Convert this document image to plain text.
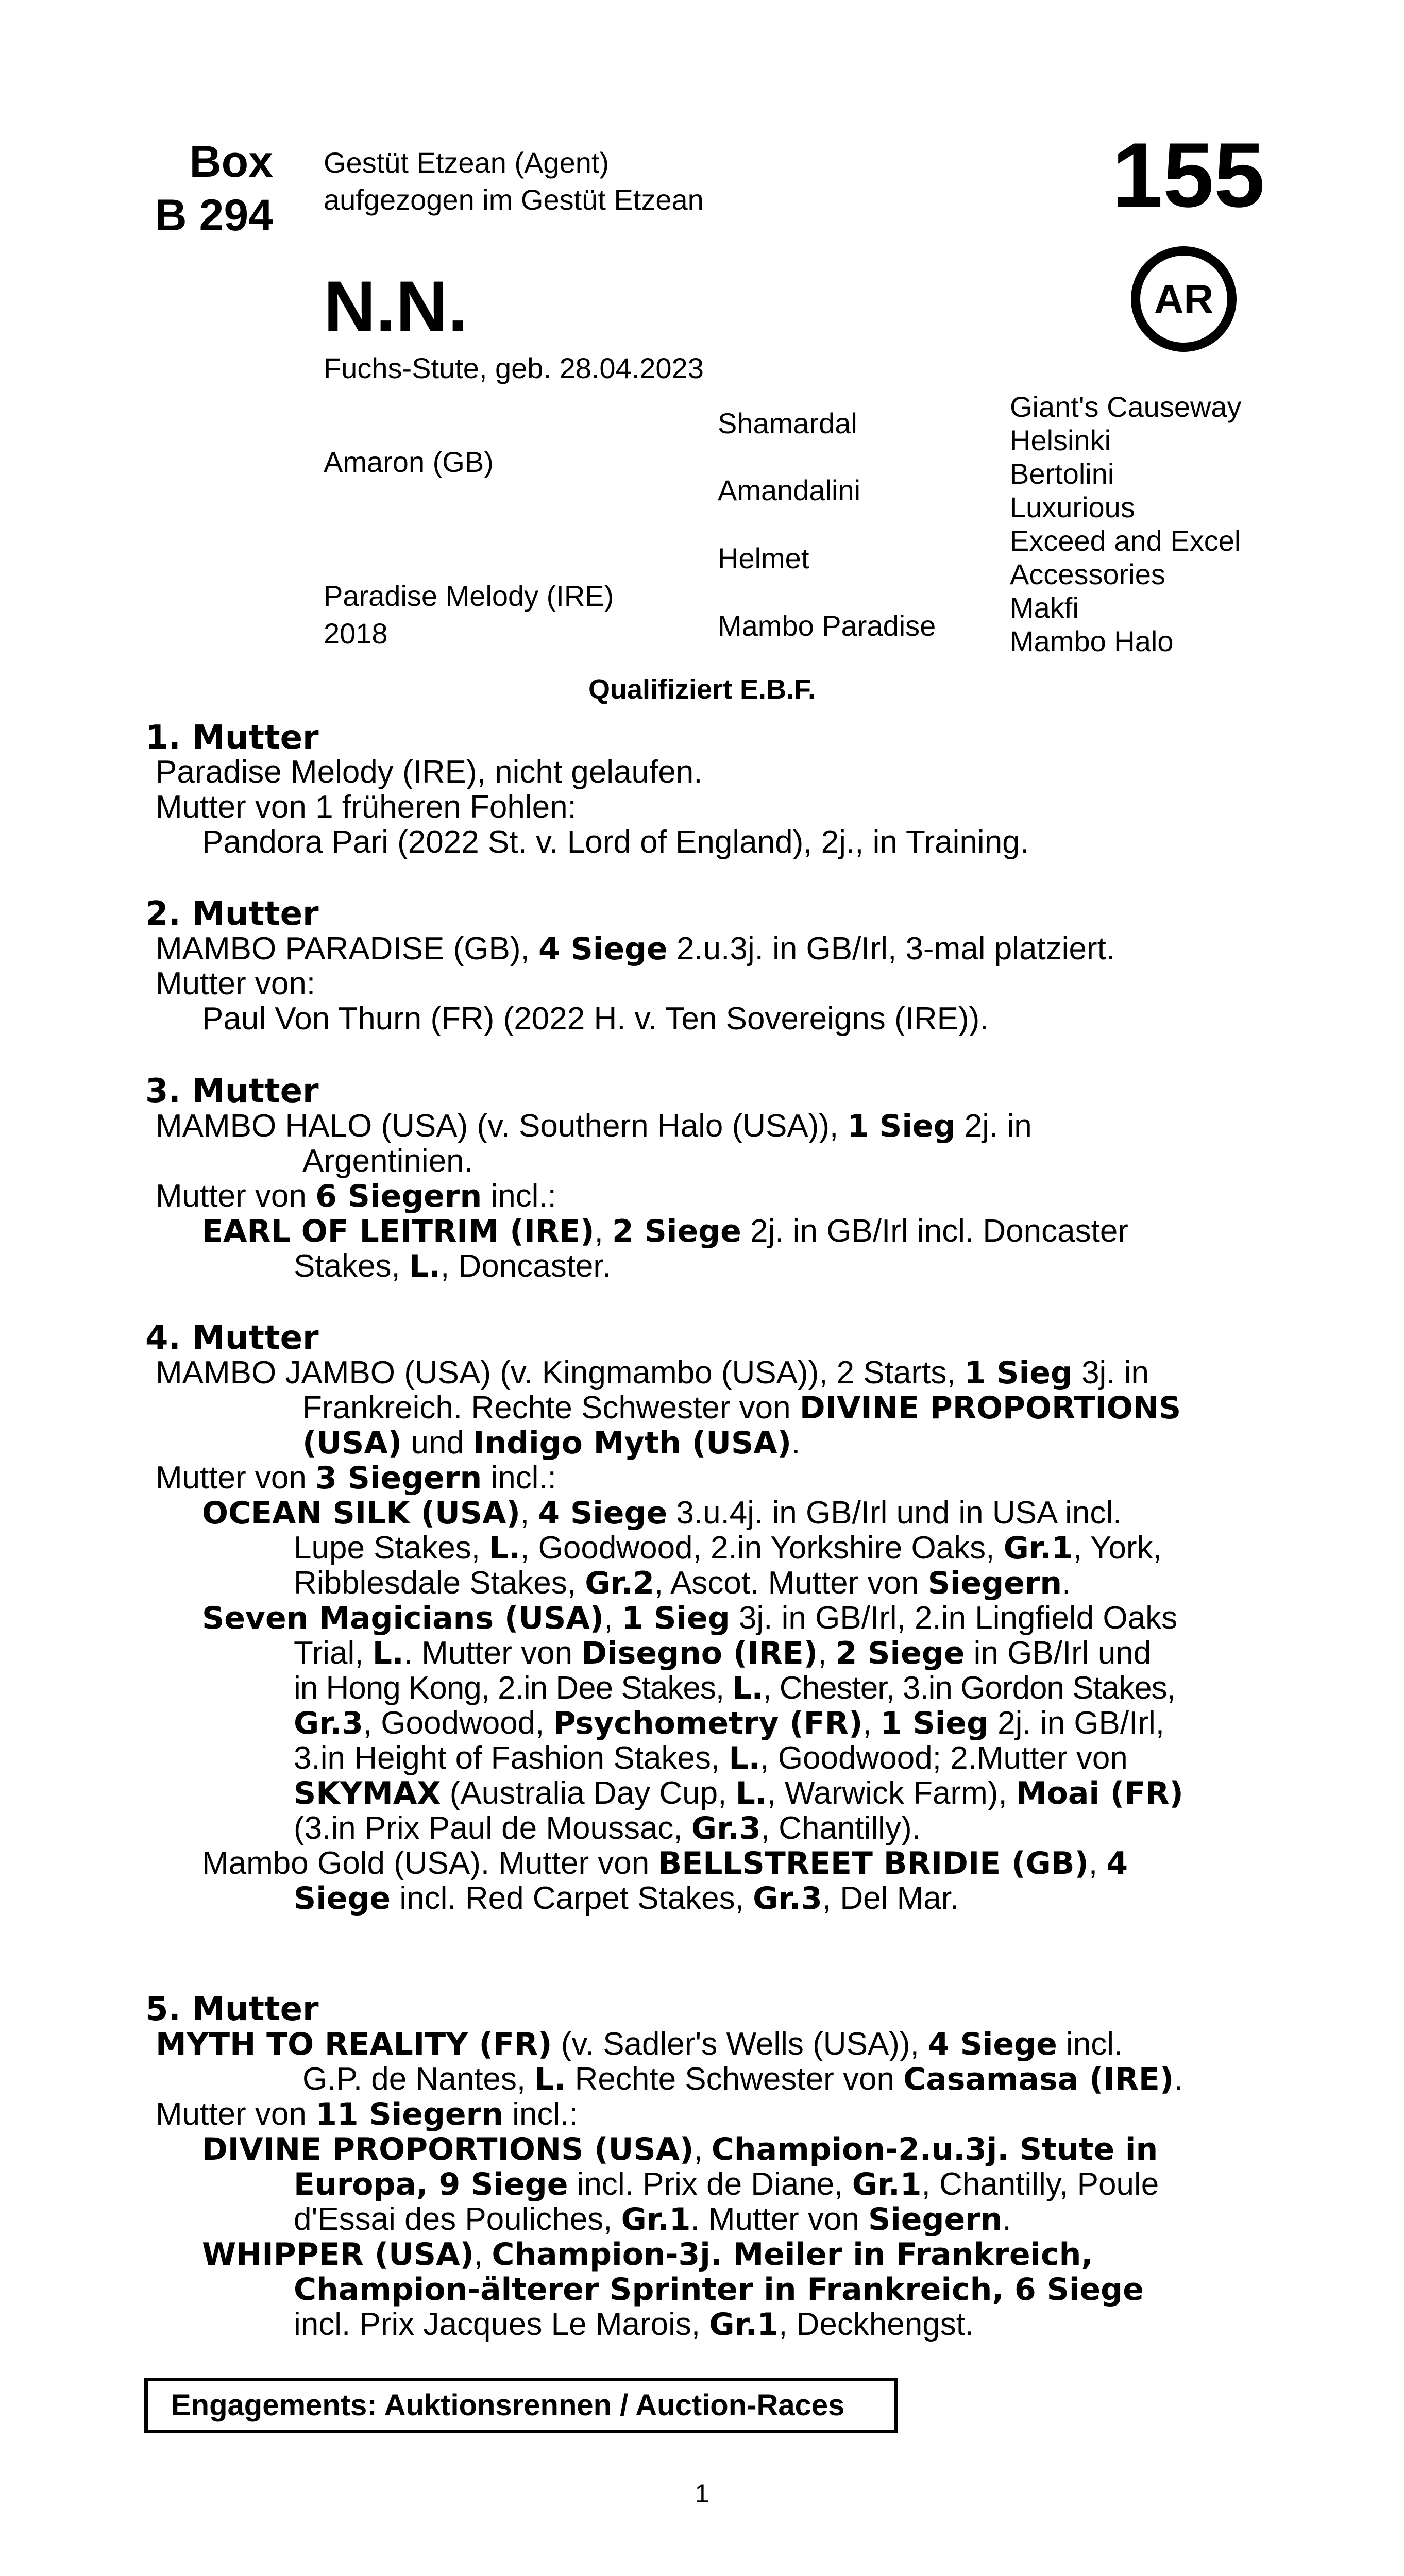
Box
B 294
Gestüt Etzean (Agent)
aufgezogen im Gestüt Etzean	155
N.N.	AR
Fuchs-Stute, geb. 28.04.2023
Amaron (GB)
Paradise Melody (IRE)
2018
Shamardal
Amandalini
Helmet
Mambo Paradise
Giant's Causeway
Helsinki
Bertolini
Luxurious
Exceed and Excel
Accessories
Makfi
Mambo Halo
Qualifiziert E.B.F.
1. Mutter
Paradise Melody (IRE), nicht gelaufen.
Mutter von 1 früheren Fohlen:
Pandora Pari (2022 St. v. Lord of England), 2j., in Training.
2. Mutter
MAMBO PARADISE (GB), 4 Siege 2.u.3j. in GB/Irl, 3-mal platziert.
Mutter von:
Paul Von Thurn (FR) (2022 H. v. Ten Sovereigns (IRE)).
3. Mutter
MAMBO HALO (USA) (v. Southern Halo (USA)), 1 Sieg 2j. in
Argentinien.
Mutter von 6 Siegern incl.:
EARL OF LEITRIM (IRE), 2 Siege 2j. in GB/Irl incl. Doncaster
Stakes, L., Doncaster.
4. Mutter
MAMBO JAMBO (USA) (v. Kingmambo (USA)), 2 Starts, 1 Sieg 3j. in
Frankreich. Rechte Schwester von DIVINE PROPORTIONS
(USA) und Indigo Myth (USA).
Mutter von 3 Siegern incl.:
OCEAN SILK (USA), 4 Siege 3.u.4j. in GB/Irl und in USA incl.
Lupe Stakes, L., Goodwood, 2.in Yorkshire Oaks, Gr.1, York,
Ribblesdale Stakes, Gr.2, Ascot. Mutter von Siegern.
Seven Magicians (USA), 1 Sieg 3j. in GB/Irl, 2.in Lingfield Oaks
Trial, L.. Mutter von Disegno (IRE), 2 Siege in GB/Irl und
in Hong Kong, 2.in Dee Stakes, L., Chester, 3.in Gordon Stakes,
Gr.3, Goodwood, Psychometry (FR), 1 Sieg 2j. in GB/Irl,
3.in Height of Fashion Stakes, L., Goodwood; 2.Mutter von
SKYMAX (Australia Day Cup, L., Warwick Farm), Moai (FR)
(3.in Prix Paul de Moussac, Gr.3, Chantilly).
Mambo Gold (USA). Mutter von BELLSTREET BRIDIE (GB), 4
Siege incl. Red Carpet Stakes, Gr.3, Del Mar.
5. Mutter
MYTH TO REALITY (FR) (v. Sadler's Wells (USA)), 4 Siege incl.
G.P. de Nantes, L. Rechte Schwester von Casamasa (IRE).
Mutter von 11 Siegern incl.:
DIVINE PROPORTIONS (USA), Champion-2.u.3j. Stute in
Europa, 9 Siege incl. Prix de Diane, Gr.1, Chantilly, Poule
d'Essai des Pouliches, Gr.1. Mutter von Siegern.
WHIPPER (USA), Champion-3j. Meiler in Frankreich,
Champion-älterer Sprinter in Frankreich, 6 Siege
incl. Prix Jacques Le Marois, Gr.1, Deckhengst.
Engagements: Auktionsrennen / Auction-Races
1
